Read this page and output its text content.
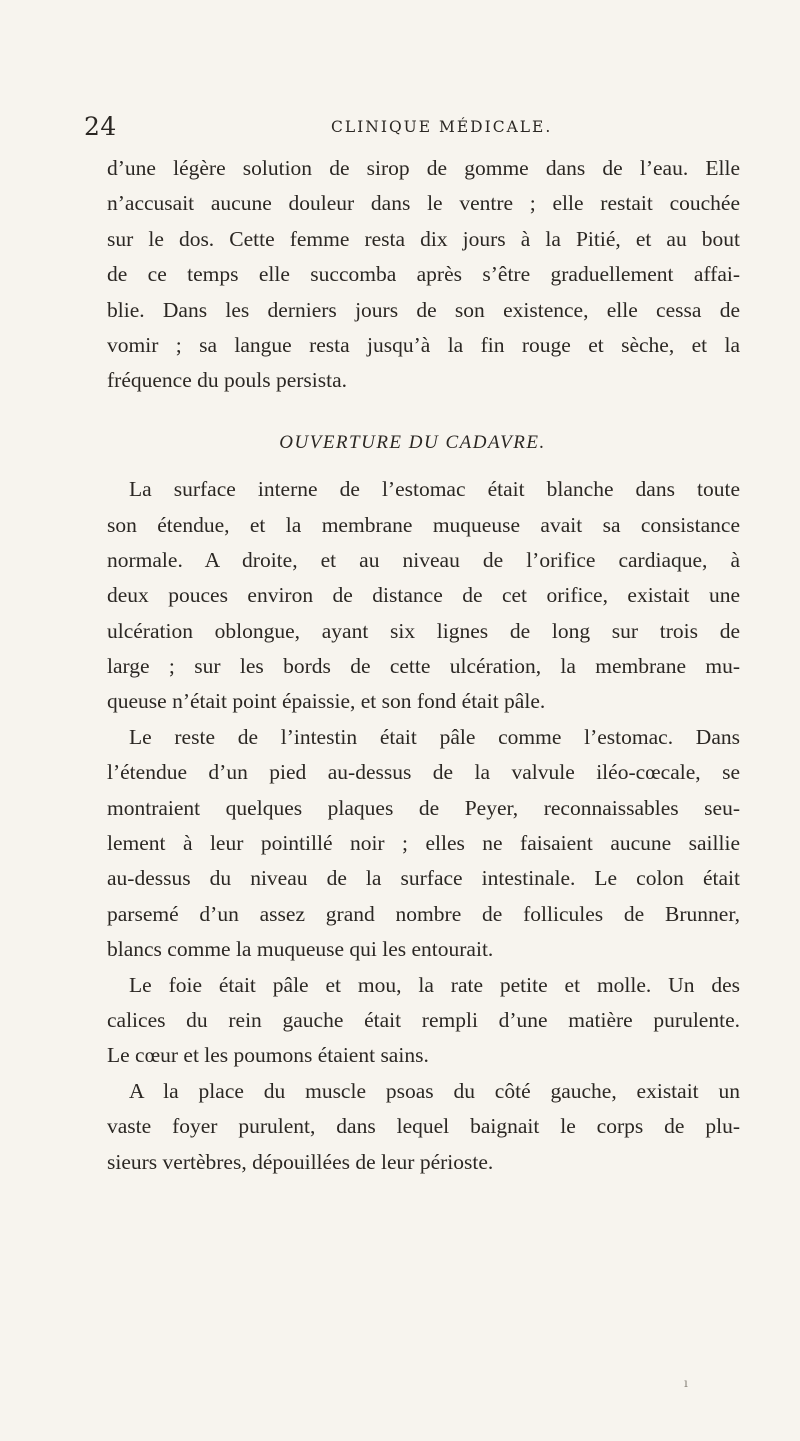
24	CLINIQUE MÉDICALE.
d’une légère solution de sirop de gomme dans de l’eau. Elle
n’accusait aucune douleur dans le ventre ; elle restait couchée
sur le dos. Cette femme resta dix jours à la Pitié, et au bout
de ce temps elle succomba après s’être graduellement affai-
blie. Dans les derniers jours de son existence, elle cessa de
vomir ; sa langue resta jusqu’à la fin rouge et sèche, et la
fréquence du pouls persista.
OUVERTURE DU CADAVRE.
La surface interne de l’estomac était blanche dans toute
son étendue, et la membrane muqueuse avait sa consistance
normale. A droite, et au niveau de l’orifice cardiaque, à
deux pouces environ de distance de cet orifice, existait une
ulcération oblongue, ayant six lignes de long sur trois de
large ; sur les bords de cette ulcération, la membrane mu-
queuse n’était point épaissie, et son fond était pâle.
Le reste de l’intestin était pâle comme l’estomac. Dans
l’étendue d’un pied au-dessus de la valvule iléo-cœcale, se
montraient quelques plaques de Peyer, reconnaissables seu-
lement à leur pointillé noir ; elles ne faisaient aucune saillie
au-dessus du niveau de la surface intestinale. Le colon était
parsemé d’un assez grand nombre de follicules de Brunner,
blancs comme la muqueuse qui les entourait.
Le foie était pâle et mou, la rate petite et molle. Un des
calices du rein gauche était rempli d’une matière purulente.
Le cœur et les poumons étaient sains.
A la place du muscle psoas du côté gauche, existait un
vaste foyer purulent, dans lequel baignait le corps de plu-
sieurs vertèbres, dépouillées de leur périoste.
ı
